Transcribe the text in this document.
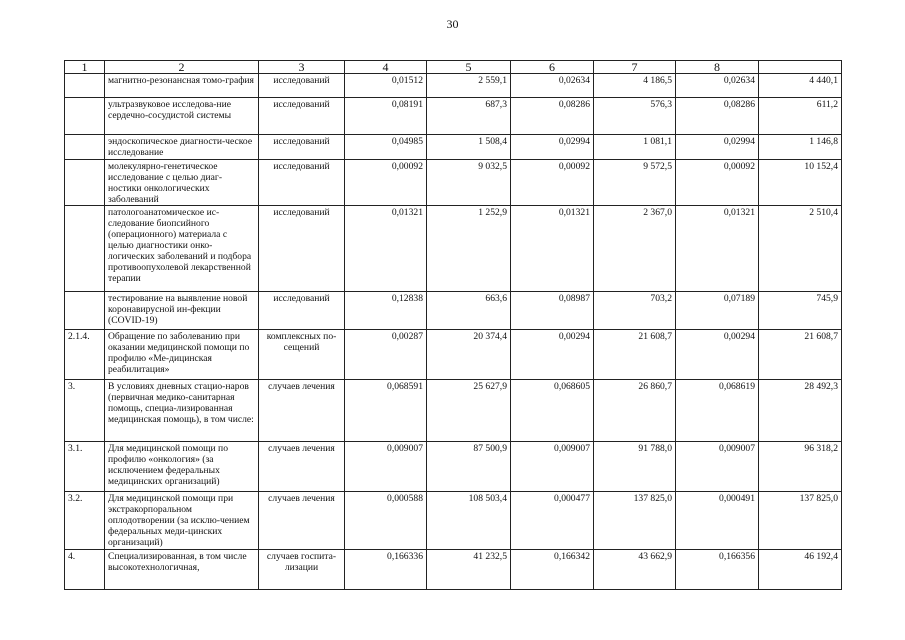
30
1	2	3	4	5	6	7	8	
	магнитно-резонансная томо-графия	исследований	0,01512	2 559,1	0,02634	4 186,5	0,02634	4 440,1
	ультразвуковое исследова-ние сердечно-сосудистой системы	исследований	0,08191	687,3	0,08286	576,3	0,08286	611,2
	эндоскопическое диагности-ческое исследование	исследований	0,04985	1 508,4	0,02994	1 081,1	0,02994	1 146,8
	молекулярно-генетическое исследование с целью диаг-ностики онкологических заболеваний	исследований	0,00092	9 032,5	0,00092	9 572,5	0,00092	10 152,4
	патологоанатомическое ис-следование биопсийного (операционного) материала с целью диагностики онко-логических заболеваний и подбора противоопухолевой лекарственной терапии	исследований	0,01321	1 252,9	0,01321	2 367,0	0,01321	2 510,4
	тестирование на выявление новой коронавирусной ин-фекции (COVID-19)	исследований	0,12838	663,6	0,08987	703,2	0,07189	745,9
2.1.4.	Обращение по заболеванию при оказании медицинской помощи по профилю «Ме-дицинская реабилитация»	комплексных по-сещений	0,00287	20 374,4	0,00294	21 608,7	0,00294	21 608,7
3.	В условиях дневных стацио-наров (первичная медико-санитарная помощь, специа-лизированная медицинская помощь), в том числе:	случаев лечения	0,068591	25 627,9	0,068605	26 860,7	0,068619	28 492,3
3.1.	Для медицинской помощи по профилю «онкология» (за исключением федеральных медицинских организаций)	случаев лечения	0,009007	87 500,9	0,009007	91 788,0	0,009007	96 318,2
3.2.	Для медицинской помощи при экстракорпоральном оплодотворении (за исклю-чением федеральных меди-цинских организаций)	случаев лечения	0,000588	108 503,4	0,000477	137 825,0	0,000491	137 825,0
4.	Специализированная, в том числе высокотехнологичная,	случаев госпита-лизации	0,166336	41 232,5	0,166342	43 662,9	0,166356	46 192,4
